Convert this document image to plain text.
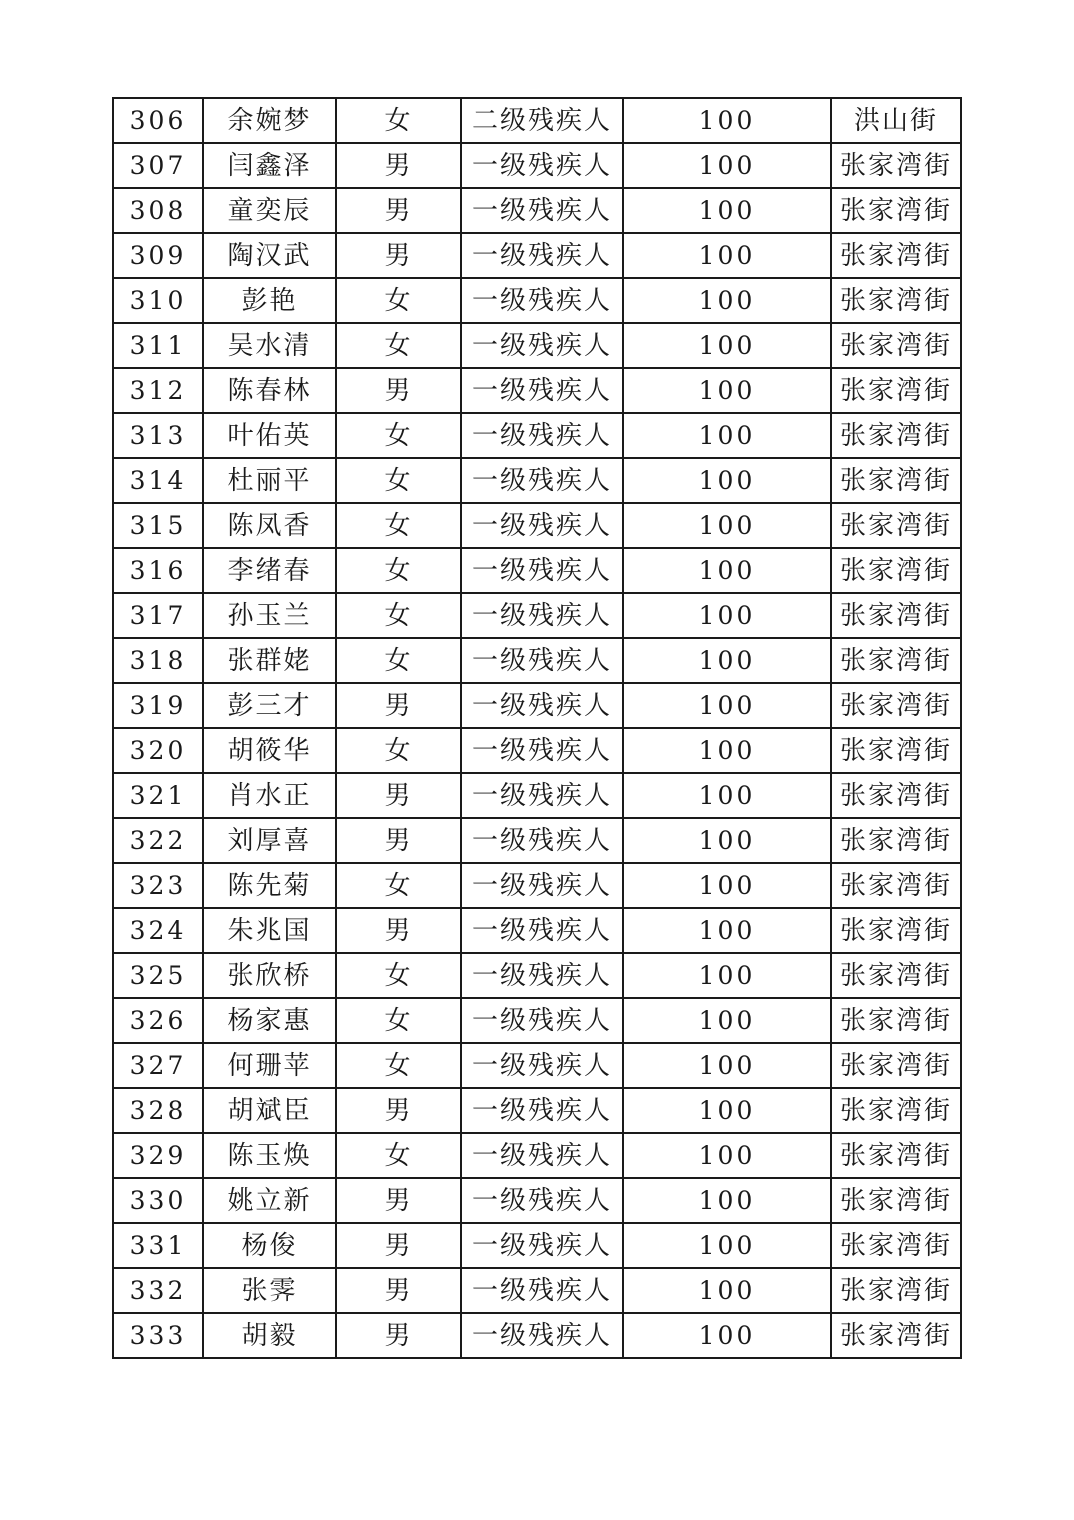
306	余婉梦	女	二级残疾人	100	洪山街
307	闫鑫泽	男	一级残疾人	100	张家湾街
308	童奕辰	男	一级残疾人	100	张家湾街
309	陶汉武	男	一级残疾人	100	张家湾街
310	彭艳	女	一级残疾人	100	张家湾街
311	吴水清	女	一级残疾人	100	张家湾街
312	陈春林	男	一级残疾人	100	张家湾街
313	叶佑英	女	一级残疾人	100	张家湾街
314	杜丽平	女	一级残疾人	100	张家湾街
315	陈凤香	女	一级残疾人	100	张家湾街
316	李绪春	女	一级残疾人	100	张家湾街
317	孙玉兰	女	一级残疾人	100	张家湾街
318	张群姥	女	一级残疾人	100	张家湾街
319	彭三才	男	一级残疾人	100	张家湾街
320	胡筱华	女	一级残疾人	100	张家湾街
321	肖水正	男	一级残疾人	100	张家湾街
322	刘厚喜	男	一级残疾人	100	张家湾街
323	陈先菊	女	一级残疾人	100	张家湾街
324	朱兆国	男	一级残疾人	100	张家湾街
325	张欣桥	女	一级残疾人	100	张家湾街
326	杨家惠	女	一级残疾人	100	张家湾街
327	何珊苹	女	一级残疾人	100	张家湾街
328	胡斌臣	男	一级残疾人	100	张家湾街
329	陈玉焕	女	一级残疾人	100	张家湾街
330	姚立新	男	一级残疾人	100	张家湾街
331	杨俊	男	一级残疾人	100	张家湾街
332	张霁	男	一级残疾人	100	张家湾街
333	胡毅	男	一级残疾人	100	张家湾街
